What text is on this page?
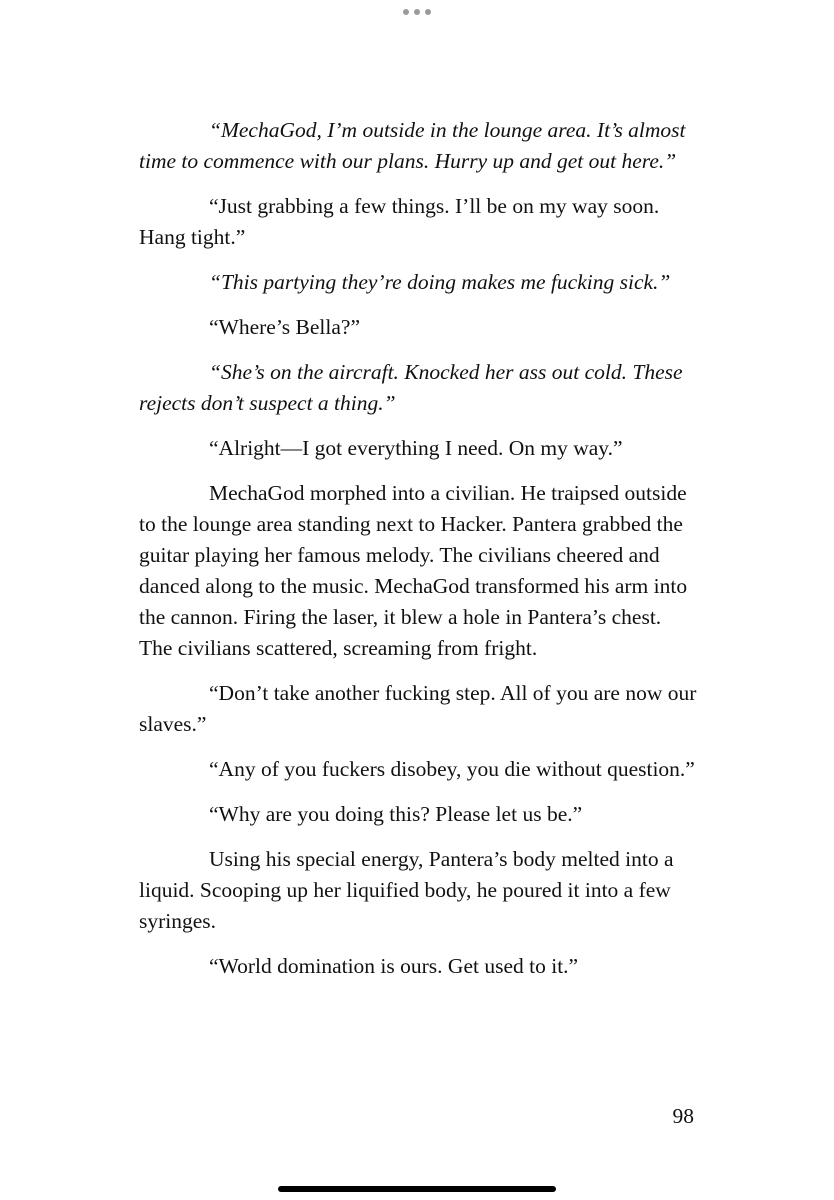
“MechaGod, I’m outside in the lounge area. It’s almost time to commence with our plans. Hurry up and get out here.”

“Just grabbing a few things. I’ll be on my way soon. Hang tight.”

“This partying they’re doing makes me fucking sick.”

“Where’s Bella?”

“She’s on the aircraft. Knocked her ass out cold. These rejects don’t suspect a thing.”

“Alright—I got everything I need. On my way.”

MechaGod morphed into a civilian. He traipsed outside to the lounge area standing next to Hacker. Pantera grabbed the guitar playing her famous melody. The civilians cheered and danced along to the music. MechaGod transformed his arm into the cannon. Firing the laser, it blew a hole in Pantera’s chest. The civilians scattered, screaming from fright.

“Don’t take another fucking step. All of you are now our slaves.”

“Any of you fuckers disobey, you die without question.”

“Why are you doing this? Please let us be.”

Using his special energy, Pantera’s body melted into a liquid. Scooping up her liquified body, he poured it into a few syringes.

“World domination is ours. Get used to it.”

98
